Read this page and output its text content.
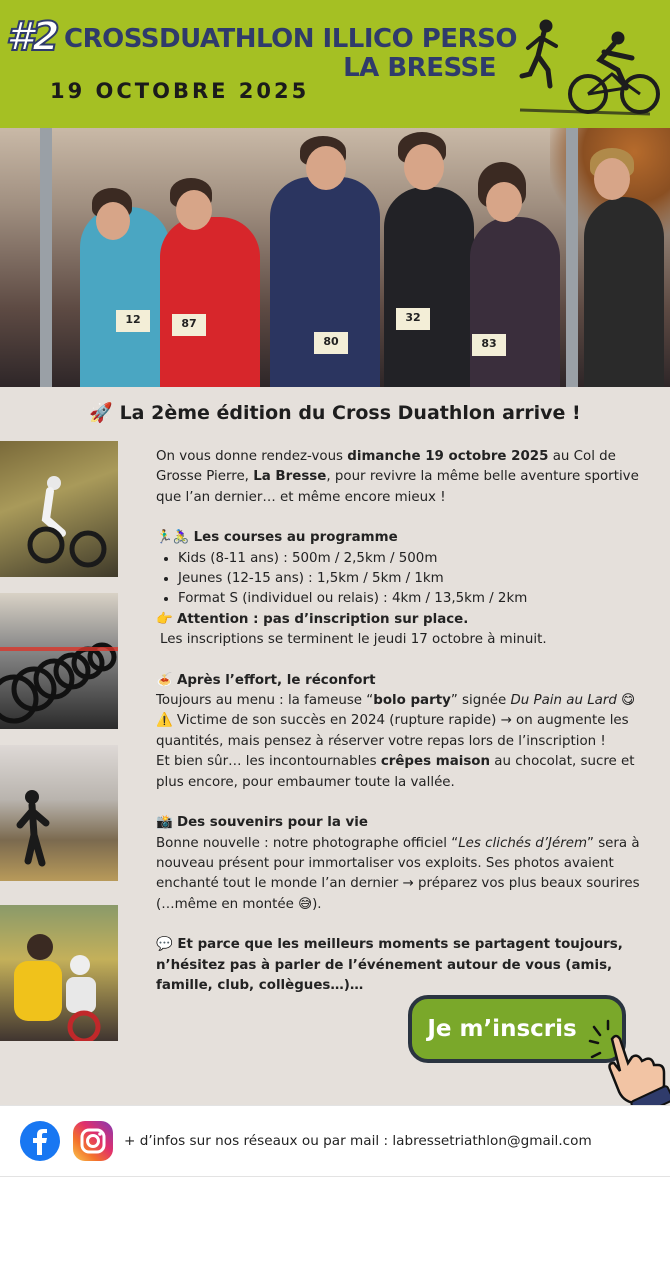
#2 CROSSDUATHLON ILLICO PERSO
LA BRESSE
19 OCTOBRE 2025
12	87
80
32
83
🚀 La 2ème édition du Cross Duathlon arrive !

On vous donne rendez-vous dimanche 19 octobre 2025 au Col de Grosse Pierre, La Bresse, pour revivre la même belle aventure sportive que l’an dernier… et même encore mieux !

🏃‍♂️🚴‍♀️ Les courses au programme

• Kids (8-11 ans) : 500m / 2,5km / 500m
• Jeunes (12-15 ans) : 1,5km / 5km / 1km
• Format S (individuel ou relais) : 4km / 13,5km / 2km

👉 Attention : pas d’inscription sur place.

Les inscriptions se terminent le jeudi 17 octobre à minuit.

🍝 Après l’effort, le réconfort

Toujours au menu : la fameuse “bolo party” signée Du Pain au Lard 😋

⚠️ Victime de son succès en 2024 (rupture rapide) → on augmente les quantités, mais pensez à réserver votre repas lors de l’inscription !

Et bien sûr… les incontournables crêpes maison au chocolat, sucre et plus encore, pour embaumer toute la vallée.

📸 Des souvenirs pour la vie

Bonne nouvelle : notre photographe officiel “Les clichés d’Jérem” sera à nouveau présent pour immortaliser vos exploits. Ses photos avaient enchanté tout le monde l’an dernier → préparez vos plus beaux sourires (…même en montée 😅).

💬 Et parce que les meilleurs moments se partagent toujours, n’hésitez pas à parler de l’événement autour de vous (amis, famille, club, collègues…)…

Je m’inscris
+ d’infos sur nos réseaux ou par mail : labressetriathlon@gmail.com
